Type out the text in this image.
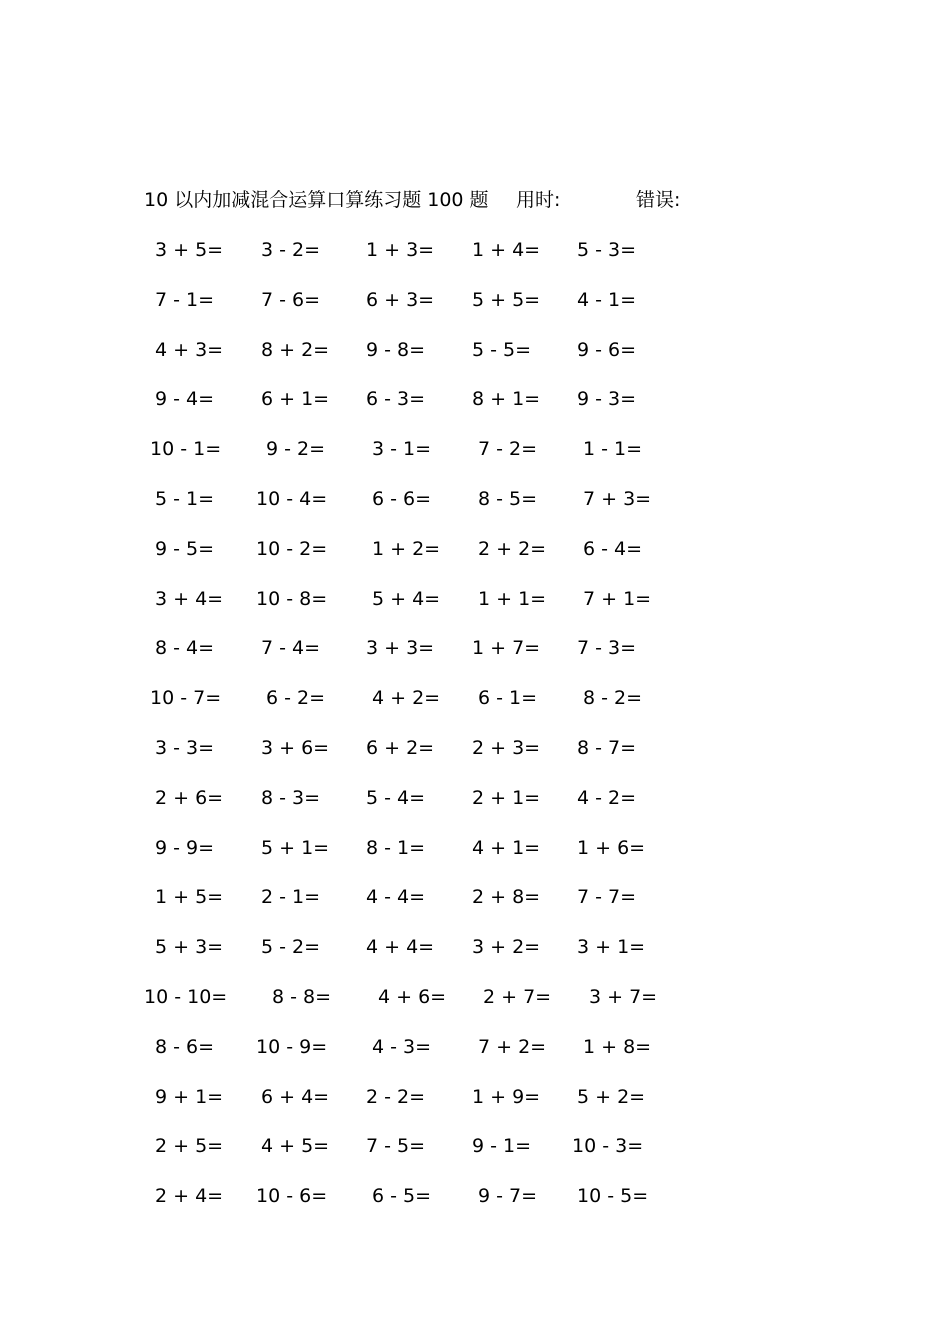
10 以内加减混合运算口算练习题 100 题 用时:	错误:
3 + 5= 3 - 2= 1 + 3= 1 + 4= 5 - 3=
7 - 1= 7 - 6= 6 + 3= 5 + 5= 4 - 1=
4 + 3= 8 + 2= 9 - 8= 5 - 5= 9 - 6=
9 - 4= 6 + 1= 6 - 3= 8 + 1= 9 - 3=
10 - 1= 9 - 2= 3 - 1= 7 - 2= 1 - 1=
5 - 1= 10 - 4= 6 - 6= 8 - 5= 7 + 3=
9 - 5= 10 - 2= 1 + 2= 2 + 2= 6 - 4=
3 + 4= 10 - 8= 5 + 4= 1 + 1= 7 + 1=
8 - 4= 7 - 4= 3 + 3= 1 + 7= 7 - 3=
10 - 7= 6 - 2= 4 + 2= 6 - 1= 8 - 2=
3 - 3= 3 + 6= 6 + 2= 2 + 3= 8 - 7=
2 + 6= 8 - 3= 5 - 4= 2 + 1= 4 - 2=
9 - 9= 5 + 1= 8 - 1= 4 + 1= 1 + 6=
1 + 5= 2 - 1= 4 - 4= 2 + 8= 7 - 7=
5 + 3= 5 - 2= 4 + 4= 3 + 2= 3 + 1=
10 - 10= 8 - 8= 4 + 6= 2 + 7= 3 + 7=
8 - 6= 10 - 9= 4 - 3= 7 + 2= 1 + 8=
9 + 1= 6 + 4= 2 - 2= 1 + 9= 5 + 2=
2 + 5= 4 + 5= 7 - 5= 9 - 1= 10 - 3=
2 + 4= 10 - 6= 6 - 5= 9 - 7= 10 - 5=
